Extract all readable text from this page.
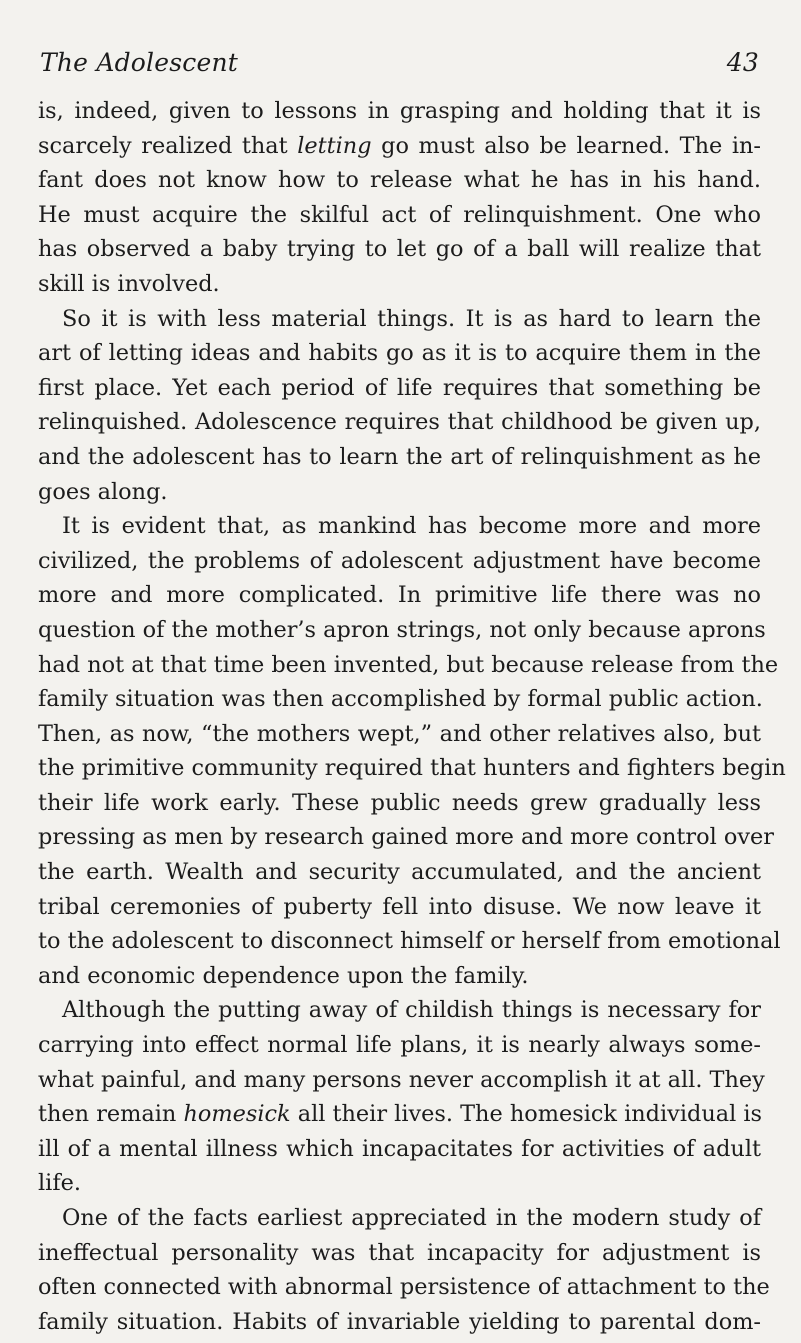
The Adolescent	43
is, indeed, given to lessons in grasping and holding that it is
scarcely realized that letting go must also be learned. The in-
fant does not know how to release what he has in his hand.
He must acquire the skilful act of relinquishment. One who
has observed a baby trying to let go of a ball will realize that
skill is involved.
So it is with less material things. It is as hard to learn the
art of letting ideas and habits go as it is to acquire them in the
first place. Yet each period of life requires that something be
relinquished. Adolescence requires that childhood be given up,
and the adolescent has to learn the art of relinquishment as he
goes along.
It is evident that, as mankind has become more and more
civilized, the problems of adolescent adjustment have become
more and more complicated. In primitive life there was no
question of the mother’s apron strings, not only because aprons
had not at that time been invented, but because release from the
family situation was then accomplished by formal public action.
Then, as now, “the mothers wept,” and other relatives also, but
the primitive community required that hunters and fighters begin
their life work early. These public needs grew gradually less
pressing as men by research gained more and more control over
the earth. Wealth and security accumulated, and the ancient
tribal ceremonies of puberty fell into disuse. We now leave it
to the adolescent to disconnect himself or herself from emotional
and economic dependence upon the family.
Although the putting away of childish things is necessary for
carrying into effect normal life plans, it is nearly always some-
what painful, and many persons never accomplish it at all. They
then remain homesick all their lives. The homesick individual is
ill of a mental illness which incapacitates for activities of adult
life.
One of the facts earliest appreciated in the modern study of
ineffectual personality was that incapacity for adjustment is
often connected with abnormal persistence of attachment to the
family situation. Habits of invariable yielding to parental dom-
